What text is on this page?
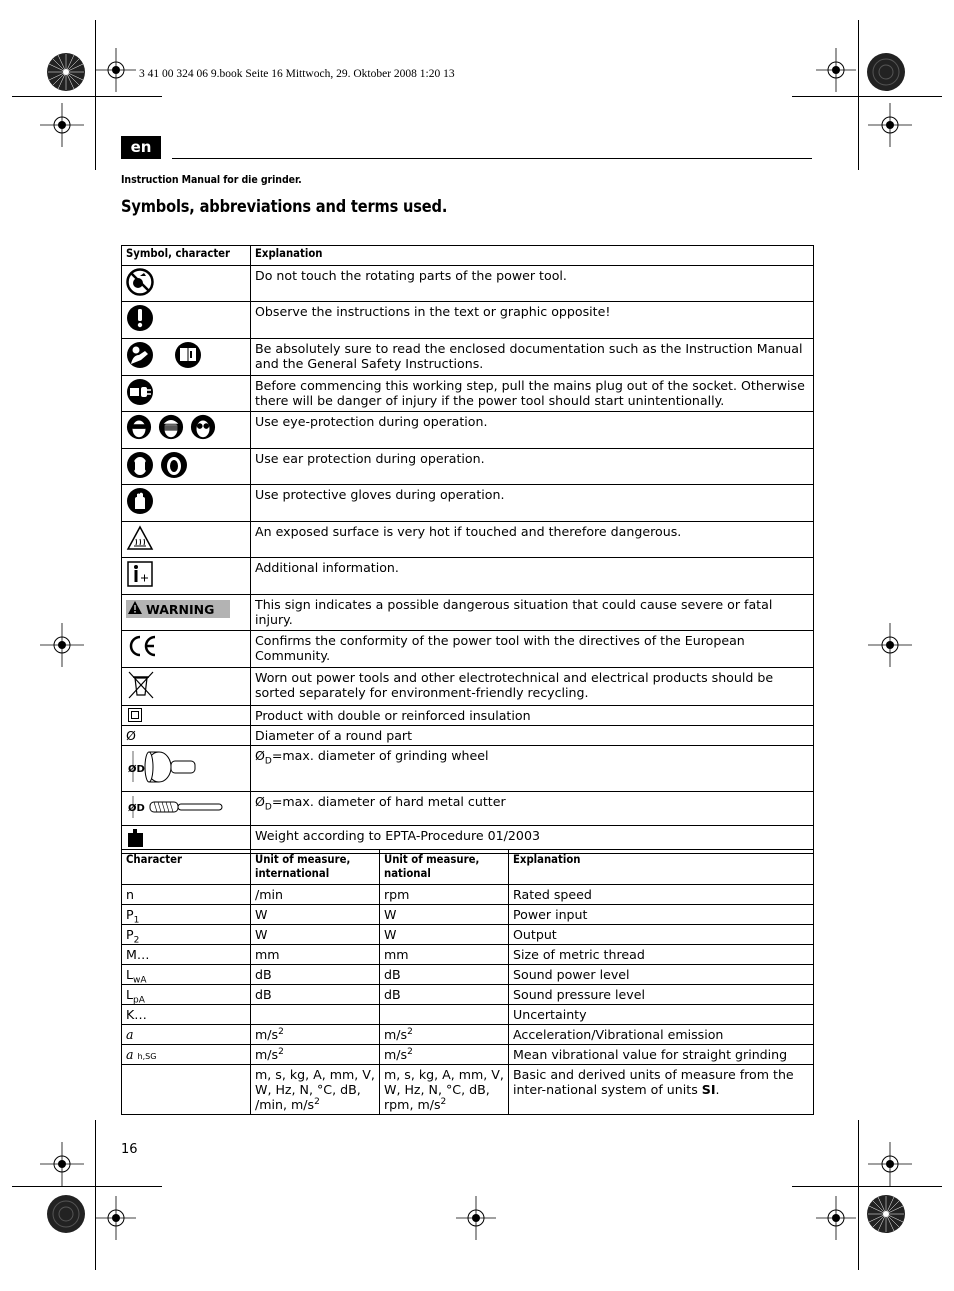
3 41 00 324 06 9.book Seite 16 Mittwoch, 29. Oktober 2008 1:20 13
en
Instruction Manual for die grinder.
Symbols, abbreviations and terms used.
Symbol, character	Explanation
	Do not touch the rotating parts of the power tool.
	Observe the instructions in the text or graphic opposite!

	Be absolutely sure to read the enclosed documentation such as the Instruction Manual and the General Safety Instructions.
	Before commencing this working step, pull the mains plug out of the socket. Otherwise there will be danger of injury if the power tool should start unintentionally.

	Use eye-protection during operation.

	Use ear protection during operation.
	Use protective gloves during operation.
	An exposed surface is very hot if touched and therefore dangerous.
	Additional information.

WARNING	This sign indicates a possible dangerous situation that could cause severe or fatal injury.
	Confirms the conformity of the power tool with the directives of the European Community.
	Worn out power tools and other electrotechnical and electrical products should be sorted separately for environment-friendly recycling.
	Product with double or reinforced insulation
Ø	Diameter of a round part

ØD	$Ø_D=\max$. diameter of grinding wheel

ØD	$Ø_D=\max$. diameter of hard metal cutter
	Weight according to EPTA-Procedure 01/2003
Character	Unit of measure, international	Unit of measure, national	Explanation
n	/min	rpm	Rated speed
$P_1$	W	W	Power input
$P_2$	W	W	Output
M…	mm	mm	Size of metric thread
$L_{wA}$	dB	dB	Sound power level
$L_{pA}$	dB	dB	Sound pressure level
K…			Uncertainty
a	$m/s^2$	$m/s^2$	Acceleration/Vibrational emission
a h,SG	$m/s^2$	$m/s^2$	Mean vibrational value for straight grinding
	m, s, kg, A, mm, V, W, Hz, N, °C, dB, /min, $m/s^2$	m, s, kg, A, mm, V, W, Hz, N, °C, dB, rpm, $m/s^2$	Basic and derived units of measure from the inter-national system of units SI.
16
